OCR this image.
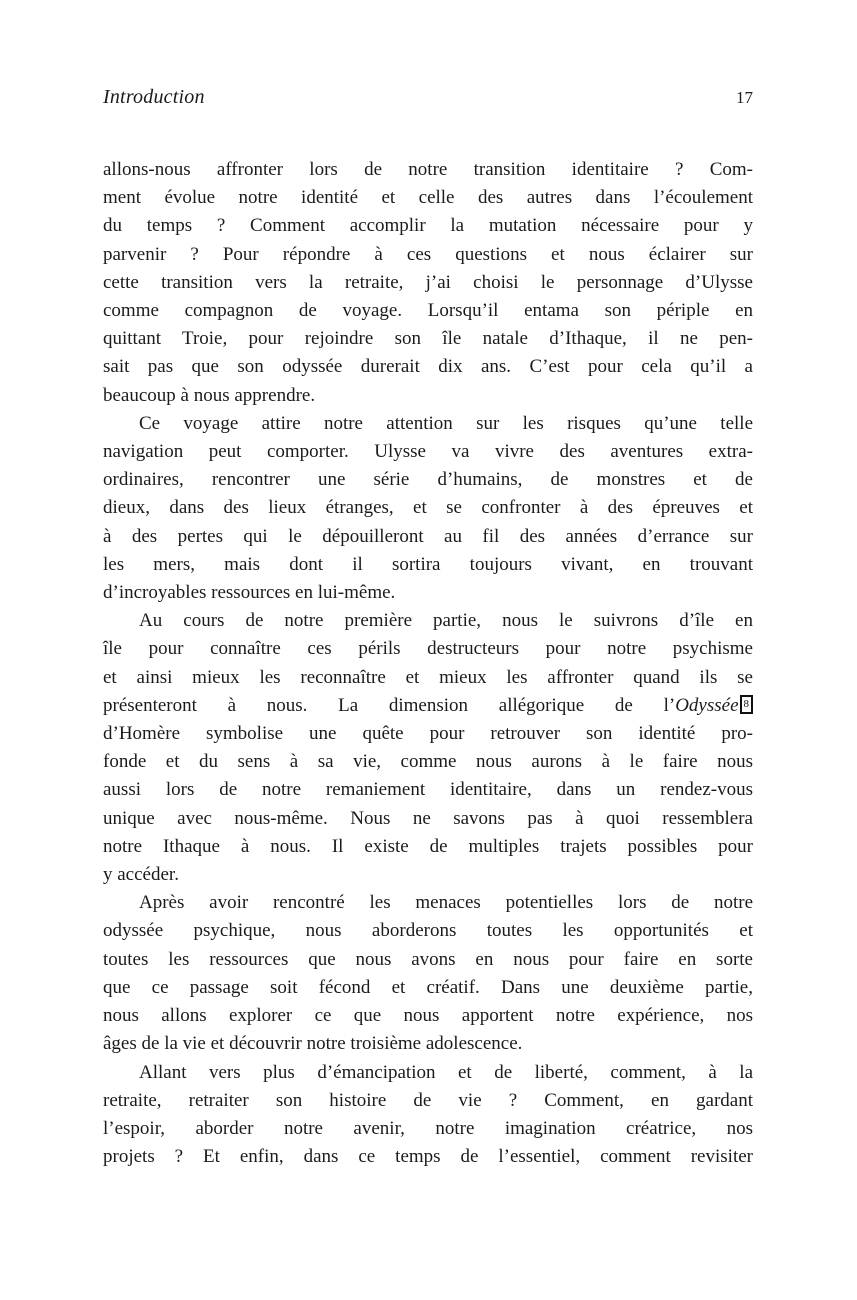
Introduction	17
allons-nous affronter lors de notre transition identitaire ? Com-
ment évolue notre identité et celle des autres dans l’écoulement
du temps ? Comment accomplir la mutation nécessaire pour y
parvenir ? Pour répondre à ces questions et nous éclairer sur
cette transition vers la retraite, j’ai choisi le personnage d’Ulysse
comme compagnon de voyage. Lorsqu’il entama son périple en
quittant Troie, pour rejoindre son île natale d’Ithaque, il ne pen-
sait pas que son odyssée durerait dix ans. C’est pour cela qu’il a
beaucoup à nous apprendre.
Ce voyage attire notre attention sur les risques qu’une telle
navigation peut comporter. Ulysse va vivre des aventures extra-
ordinaires, rencontrer une série d’humains, de monstres et de
dieux, dans des lieux étranges, et se confronter à des épreuves et
à des pertes qui le dépouilleront au fil des années d’errance sur
les mers, mais dont il sortira toujours vivant, en trouvant
d’incroyables ressources en lui-même.
Au cours de notre première partie, nous le suivrons d’île en
île pour connaître ces périls destructeurs pour notre psychisme
et ainsi mieux les reconnaître et mieux les affronter quand ils se
présenteront à nous. La dimension allégorique de l’Odyssée 8
d’Homère symbolise une quête pour retrouver son identité pro-
fonde et du sens à sa vie, comme nous aurons à le faire nous
aussi lors de notre remaniement identitaire, dans un rendez-vous
unique avec nous-même. Nous ne savons pas à quoi ressemblera
notre Ithaque à nous. Il existe de multiples trajets possibles pour
y accéder.
Après avoir rencontré les menaces potentielles lors de notre
odyssée psychique, nous aborderons toutes les opportunités et
toutes les ressources que nous avons en nous pour faire en sorte
que ce passage soit fécond et créatif. Dans une deuxième partie,
nous allons explorer ce que nous apportent notre expérience, nos
âges de la vie et découvrir notre troisième adolescence.
Allant vers plus d’émancipation et de liberté, comment, à la
retraite, retraiter son histoire de vie ? Comment, en gardant
l’espoir, aborder notre avenir, notre imagination créatrice, nos
projets ? Et enfin, dans ce temps de l’essentiel, comment revisiter
